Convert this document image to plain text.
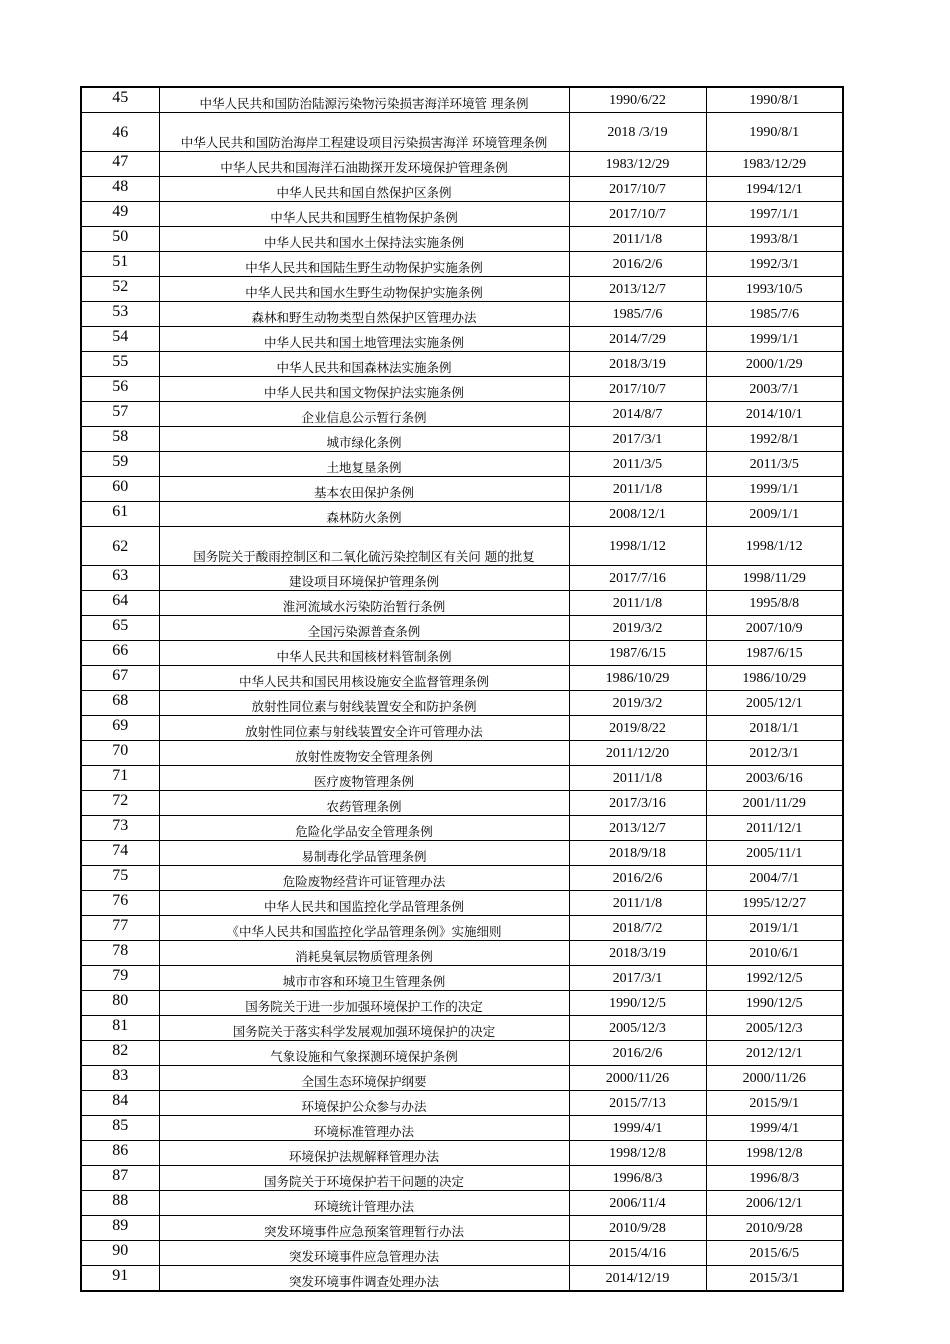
45	中华人民共和国防治陆源污染物污染损害海洋环境管 理条例	1990/6/22	1990/8/1
46	中华人民共和国防治海岸工程建设项目污染损害海洋 环境管理条例	2018 /3/19	1990/8/1
47	中华人民共和国海洋石油勘探开发环境保护管理条例	1983/12/29	1983/12/29
48	中华人民共和国自然保护区条例	2017/10/7	1994/12/1
49	中华人民共和国野生植物保护条例	2017/10/7	1997/1/1
50	中华人民共和国水土保持法实施条例	2011/1/8	1993/8/1
51	中华人民共和国陆生野生动物保护实施条例	2016/2/6	1992/3/1
52	中华人民共和国水生野生动物保护实施条例	2013/12/7	1993/10/5
53	森林和野生动物类型自然保护区管理办法	1985/7/6	1985/7/6
54	中华人民共和国土地管理法实施条例	2014/7/29	1999/1/1
55	中华人民共和国森林法实施条例	2018/3/19	2000/1/29
56	中华人民共和国文物保护法实施条例	2017/10/7	2003/7/1
57	企业信息公示暂行条例	2014/8/7	2014/10/1
58	城市绿化条例	2017/3/1	1992/8/1
59	土地复垦条例	2011/3/5	2011/3/5
60	基本农田保护条例	2011/1/8	1999/1/1
61	森林防火条例	2008/12/1	2009/1/1
62	国务院关于酸雨控制区和二氧化硫污染控制区有关问 题的批复	1998/1/12	1998/1/12
63	建设项目环境保护管理条例	2017/7/16	1998/11/29
64	淮河流域水污染防治暂行条例	2011/1/8	1995/8/8
65	全国污染源普查条例	2019/3/2	2007/10/9
66	中华人民共和国核材料管制条例	1987/6/15	1987/6/15
67	中华人民共和国民用核设施安全监督管理条例	1986/10/29	1986/10/29
68	放射性同位素与射线装置安全和防护条例	2019/3/2	2005/12/1
69	放射性同位素与射线装置安全许可管理办法	2019/8/22	2018/1/1
70	放射性废物安全管理条例	2011/12/20	2012/3/1
71	医疗废物管理条例	2011/1/8	2003/6/16
72	农药管理条例	2017/3/16	2001/11/29
73	危险化学品安全管理条例	2013/12/7	2011/12/1
74	易制毒化学品管理条例	2018/9/18	2005/11/1
75	危险废物经营许可证管理办法	2016/2/6	2004/7/1
76	中华人民共和国监控化学品管理条例	2011/1/8	1995/12/27
77	《中华人民共和国监控化学品管理条例》实施细则	2018/7/2	2019/1/1
78	消耗臭氧层物质管理条例	2018/3/19	2010/6/1
79	城市市容和环境卫生管理条例	2017/3/1	1992/12/5
80	国务院关于进一步加强环境保护工作的决定	1990/12/5	1990/12/5
81	国务院关于落实科学发展观加强环境保护的决定	2005/12/3	2005/12/3
82	气象设施和气象探测环境保护条例	2016/2/6	2012/12/1
83	全国生态环境保护纲要	2000/11/26	2000/11/26
84	环境保护公众参与办法	2015/7/13	2015/9/1
85	环境标准管理办法	1999/4/1	1999/4/1
86	环境保护法规解释管理办法	1998/12/8	1998/12/8
87	国务院关于环境保护若干问题的决定	1996/8/3	1996/8/3
88	环境统计管理办法	2006/11/4	2006/12/1
89	突发环境事件应急预案管理暂行办法	2010/9/28	2010/9/28
90	突发环境事件应急管理办法	2015/4/16	2015/6/5
91	突发环境事件调查处理办法	2014/12/19	2015/3/1
